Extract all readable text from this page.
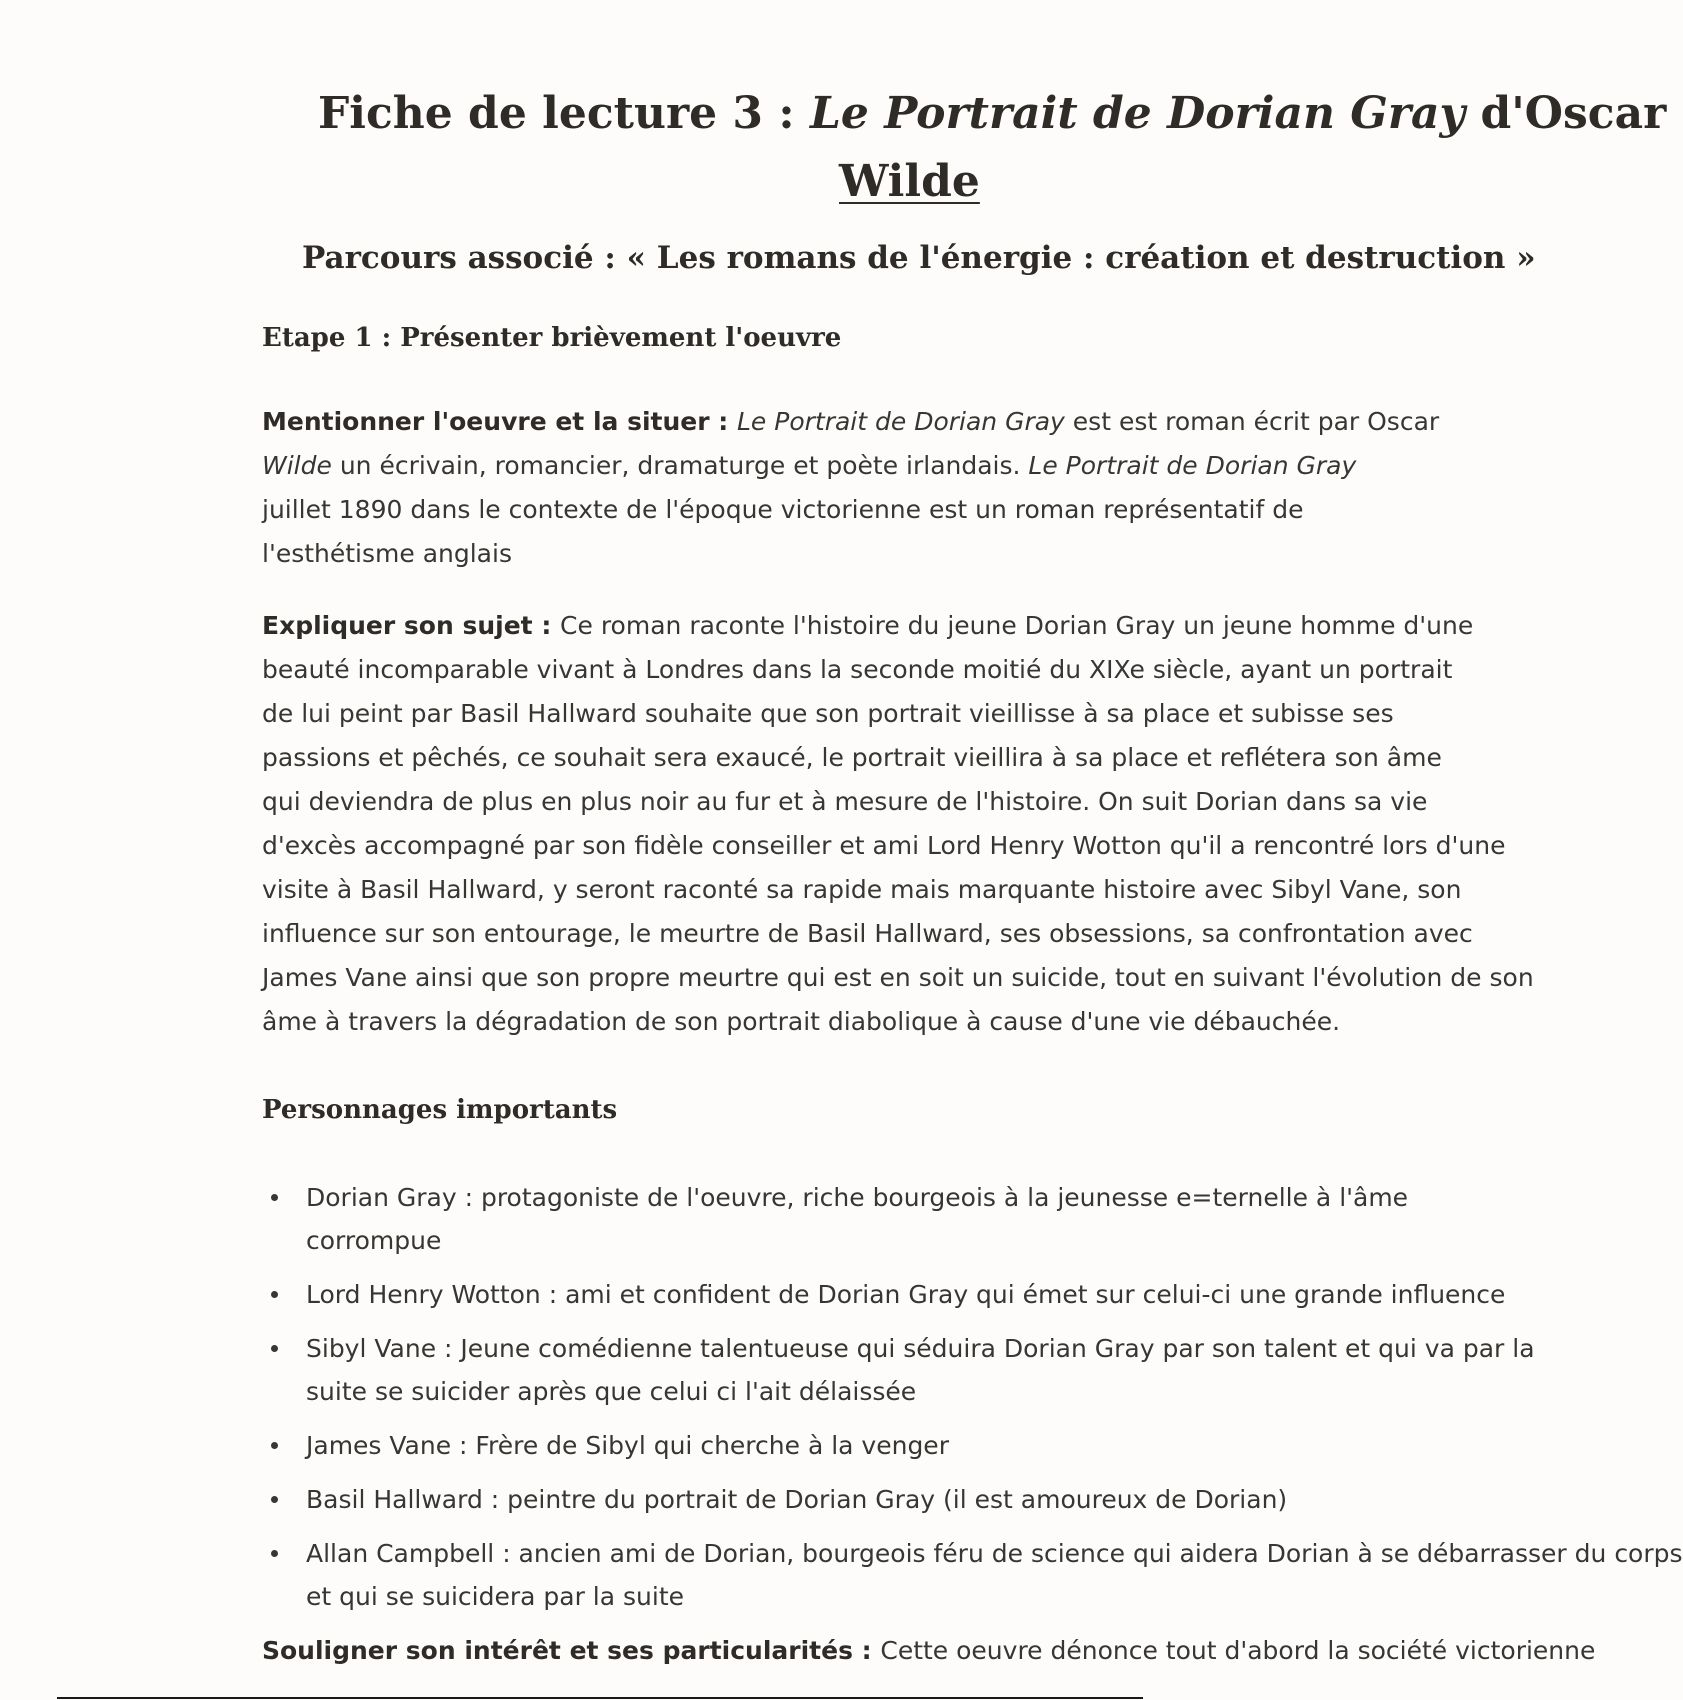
Fiche de lecture 3 : Le Portrait de Dorian Gray d'Oscar
Wilde
Parcours associé : « Les romans de l'énergie : création et destruction »
Etape 1 : Présenter brièvement l'oeuvre

Mentionner l'oeuvre et la situer : Le Portrait de Dorian Gray est est roman écrit par Oscar
Wilde un écrivain, romancier, dramaturge et poète irlandais. Le Portrait de Dorian Gray
juillet 1890 dans le contexte de l'époque victorienne est un roman représentatif de
l'esthétisme anglais

Expliquer son sujet : Ce roman raconte l'histoire du jeune Dorian Gray un jeune homme d'une
beauté incomparable vivant à Londres dans la seconde moitié du XIXe siècle, ayant un portrait
de lui peint par Basil Hallward souhaite que son portrait vieillisse à sa place et subisse ses
passions et pêchés, ce souhait sera exaucé, le portrait vieillira à sa place et reflétera son âme
qui deviendra de plus en plus noir au fur et à mesure de l'histoire. On suit Dorian dans sa vie
d'excès accompagné par son fidèle conseiller et ami Lord Henry Wotton qu'il a rencontré lors d'une
visite à Basil Hallward, y seront raconté sa rapide mais marquante histoire avec Sibyl Vane, son
influence sur son entourage, le meurtre de Basil Hallward, ses obsessions, sa confrontation avec
James Vane ainsi que son propre meurtre qui est en soit un suicide, tout en suivant l'évolution de son
âme à travers la dégradation de son portrait diabolique à cause d'une vie débauchée.

Personnages importants
Dorian Gray : protagoniste de l'oeuvre, riche bourgeois à la jeunesse e=ternelle à l'âme
corrompue
Lord Henry Wotton : ami et confident de Dorian Gray qui émet sur celui-ci une grande influence
Sibyl Vane : Jeune comédienne talentueuse qui séduira Dorian Gray par son talent et qui va par la
suite se suicider après que celui ci l'ait délaissée
James Vane : Frère de Sibyl qui cherche à la venger
Basil Hallward : peintre du portrait de Dorian Gray (il est amoureux de Dorian)
Allan Campbell : ancien ami de Dorian, bourgeois féru de science qui aidera Dorian à se débarrasser du corps
et qui se suicidera par la suite

Souligner son intérêt et ses particularités : Cette oeuvre dénonce tout d'abord la société victorienne
